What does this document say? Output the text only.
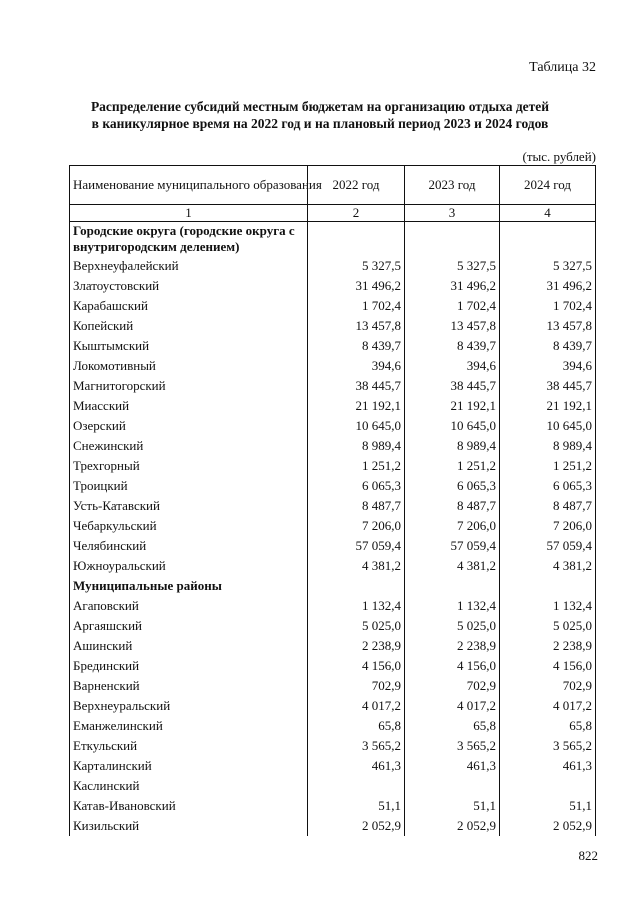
Таблица 32
Распределение субсидий местным бюджетам на организацию отдыха детей
в каникулярное время на 2022 год и на плановый период 2023 и 2024 годов
(тыс. рублей)
Наименование муниципального образования	2022 год	2023 год	2024 год
1	2	3	4
Городские округа (городские округа с внутригородским делением)			
Верхнеуфалейский	5 327,5	5 327,5	5 327,5
Златоустовский	31 496,2	31 496,2	31 496,2
Карабашский	1 702,4	1 702,4	1 702,4
Копейский	13 457,8	13 457,8	13 457,8
Кыштымский	8 439,7	8 439,7	8 439,7
Локомотивный	394,6	394,6	394,6
Магнитогорский	38 445,7	38 445,7	38 445,7
Миасский	21 192,1	21 192,1	21 192,1
Озерский	10 645,0	10 645,0	10 645,0
Снежинский	8 989,4	8 989,4	8 989,4
Трехгорный	1 251,2	1 251,2	1 251,2
Троицкий	6 065,3	6 065,3	6 065,3
Усть-Катавский	8 487,7	8 487,7	8 487,7
Чебаркульский	7 206,0	7 206,0	7 206,0
Челябинский	57 059,4	57 059,4	57 059,4
Южноуральский	4 381,2	4 381,2	4 381,2
Муниципальные районы			
Агаповский	1 132,4	1 132,4	1 132,4
Аргаяшский	5 025,0	5 025,0	5 025,0
Ашинский	2 238,9	2 238,9	2 238,9
Брединский	4 156,0	4 156,0	4 156,0
Варненский	702,9	702,9	702,9
Верхнеуральский	4 017,2	4 017,2	4 017,2
Еманжелинский	65,8	65,8	65,8
Еткульский	3 565,2	3 565,2	3 565,2
Карталинский	461,3	461,3	461,3
Каслинский			
Катав-Ивановский	51,1	51,1	51,1
Кизильский	2 052,9	2 052,9	2 052,9
822
